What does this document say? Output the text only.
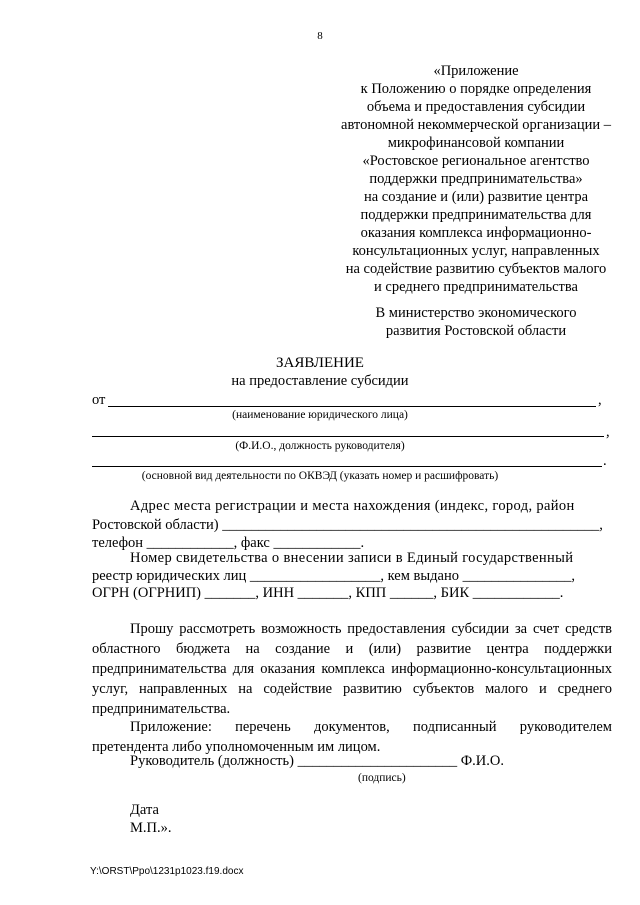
8
«Приложение
к Положению о порядке определения
объема и предоставления субсидии
автономной некоммерческой организации –
микрофинансовой компании
«Ростовское региональное агентство
поддержки предпринимательства»
на создание и (или) развитие центра
поддержки предпринимательства для
оказания комплекса информационно-
консультационных услуг, направленных
на содействие развитию субъектов малого
и среднего предпринимательства
В министерство экономического
развития Ростовской области
ЗАЯВЛЕНИЕ
на предоставление субсидии
от	,
(наименование юридического лица)
,
(Ф.И.О., должность руководителя)
.
(основной вид деятельности по ОКВЭД (указать номер и расшифровать)
Адрес места регистрации и места нахождения (индекс, город, район
Ростовской области) ____________________________________________________,
телефон ____________, факс ____________.
Номер свидетельства о внесении записи в Единый государственный
реестр юридических лиц __________________, кем выдано _______________,
ОГРН (ОГРНИП) _______, ИНН _______, КПП ______, БИК ____________.
Прошу рассмотреть возможность предоставления субсидии за счет средств областного бюджета на создание и (или) развитие центра поддержки предпринимательства для оказания комплекса информационно-консультационных услуг, направленных на содействие развитию субъектов малого и среднего предпринимательства.
Приложение: перечень документов, подписанный руководителем претендента либо уполномоченным им лицом.
Руководитель (должность) ______________________ Ф.И.О.
(подпись)
Дата
М.П.».
Y:\ORST\Ppo\1231p1023.f19.docx
